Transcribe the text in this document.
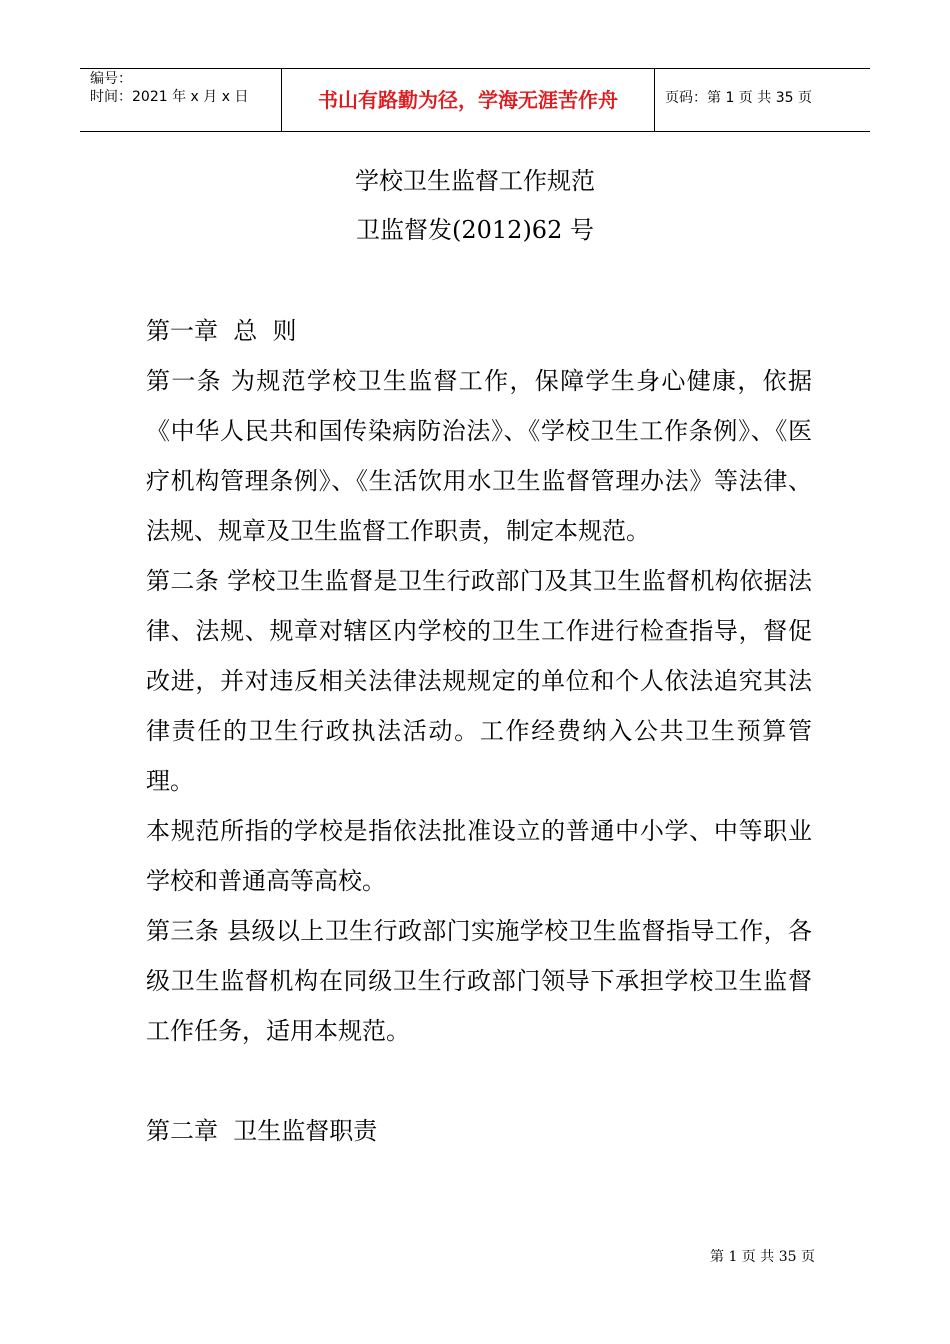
编号：
时间：2021 年 x 月 x 日	书山有路勤为径，学海无涯苦作舟	页码：第 1 页 共 35 页
学校卫生监督工作规范
卫监督发(2012)62 号
第一章  总  则

第一条 为规范学校卫生监督工作，保障学生身心健康，依据《中华人民共和国传染病防治法》、《学校卫生工作条例》、《医疗机构管理条例》、《生活饮用水卫生监督管理办法》等法律、法规、规章及卫生监督工作职责，制定本规范。

第二条 学校卫生监督是卫生行政部门及其卫生监督机构依据法律、法规、规章对辖区内学校的卫生工作进行检查指导，督促改进，并对违反相关法律法规规定的单位和个人依法追究其法律责任的卫生行政执法活动。工作经费纳入公共卫生预算管理。

本规范所指的学校是指依法批准设立的普通中小学、中等职业学校和普通高等高校。

第三条 县级以上卫生行政部门实施学校卫生监督指导工作，各级卫生监督机构在同级卫生行政部门领导下承担学校卫生监督工作任务，适用本规范。

第二章  卫生监督职责
第 1 页 共 35 页
